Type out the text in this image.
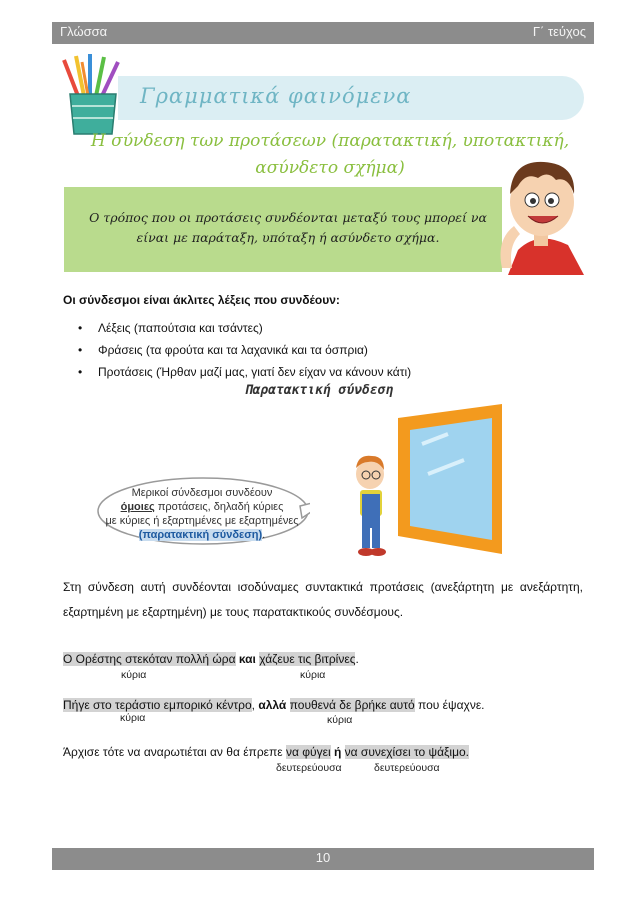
Γλώσσα	Γ΄ τεύχος
Γραμματικά φαινόμενα
Η σύνδεση των προτάσεων (παρατακτική, υποτακτική,
ασύνδετο σχήμα)
Ο τρόπος που οι προτάσεις συνδέονται μεταξύ τους μπορεί να
είναι με παράταξη, υπόταξη ή ασύνδετο σχήμα.
Οι σύνδεσμοι είναι άκλιτες λέξεις που συνδέουν:
• Λέξεις (παπούτσια και τσάντες)
• Φράσεις (τα φρούτα και τα λαχανικά και τα όσπρια)
• Προτάσεις (Ήρθαν μαζί μας, γιατί δεν είχαν να κάνουν κάτι)
Παρατακτική σύνδεση
Μερικοί σύνδεσμοι συνδέουν
όμοιες προτάσεις, δηλαδή κύριες
με κύριες ή εξαρτημένες με εξαρτημένες
(παρατακτική σύνδεση).
Στη σύνδεση αυτή συνδέονται ισοδύναμες συντακτικά προτάσεις (ανεξάρτητη με ανεξάρτητη, εξαρτημένη με εξαρτημένη) με τους παρατακτικούς συνδέσμους.
Ο Ορέστης στεκόταν πολλή ώρα και χάζευε τις βιτρίνες.
κύρια	κύρια
Πήγε στο τεράστιο εμπορικό κέντρο, αλλά πουθενά δε βρήκε αυτό που έψαχνε.
κύρια	κύρια
Άρχισε τότε να αναρωτιέται αν θα έπρεπε να φύγει ή να συνεχίσει το ψάξιμο.
δευτερεύουσα	δευτερεύουσα
10
